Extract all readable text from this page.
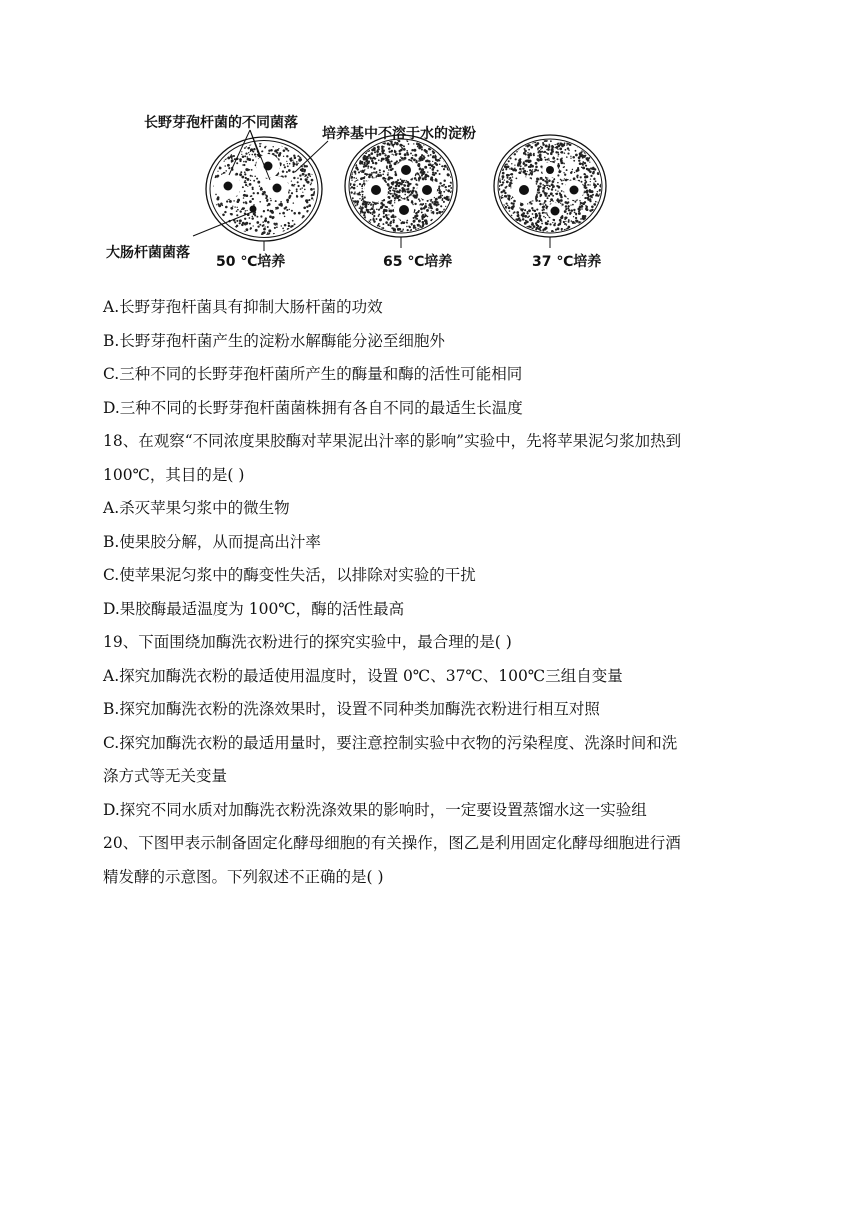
长野芽孢杆菌的不同菌落
培养基中不溶于水的淀粉
大肠杆菌菌落
50 ℃培养	65 ℃培养	37 ℃培养
A.长野芽孢杆菌具有抑制大肠杆菌的功效
B.长野芽孢杆菌产生的淀粉水解酶能分泌至细胞外
C.三种不同的长野芽孢杆菌所产生的酶量和酶的活性可能相同
D.三种不同的长野芽孢杆菌菌株拥有各自不同的最适生长温度
18、在观察“不同浓度果胶酶对苹果泥出汁率的影响”实验中，先将苹果泥匀浆加热到
100℃，其目的是( )
A.杀灭苹果匀浆中的微生物
B.使果胶分解，从而提高出汁率
C.使苹果泥匀浆中的酶变性失活，以排除对实验的干扰
D.果胶酶最适温度为 100℃，酶的活性最高
19、下面围绕加酶洗衣粉进行的探究实验中，最合理的是( )
A.探究加酶洗衣粉的最适使用温度时，设置 0℃、37℃、100℃三组自变量
B.探究加酶洗衣粉的洗涤效果时，设置不同种类加酶洗衣粉进行相互对照
C.探究加酶洗衣粉的最适用量时，要注意控制实验中衣物的污染程度、洗涤时间和洗
涤方式等无关变量
D.探究不同水质对加酶洗衣粉洗涤效果的影响时，一定要设置蒸馏水这一实验组
20、下图甲表示制备固定化酵母细胞的有关操作，图乙是利用固定化酵母细胞进行酒
精发酵的示意图。下列叙述不正确的是( )
